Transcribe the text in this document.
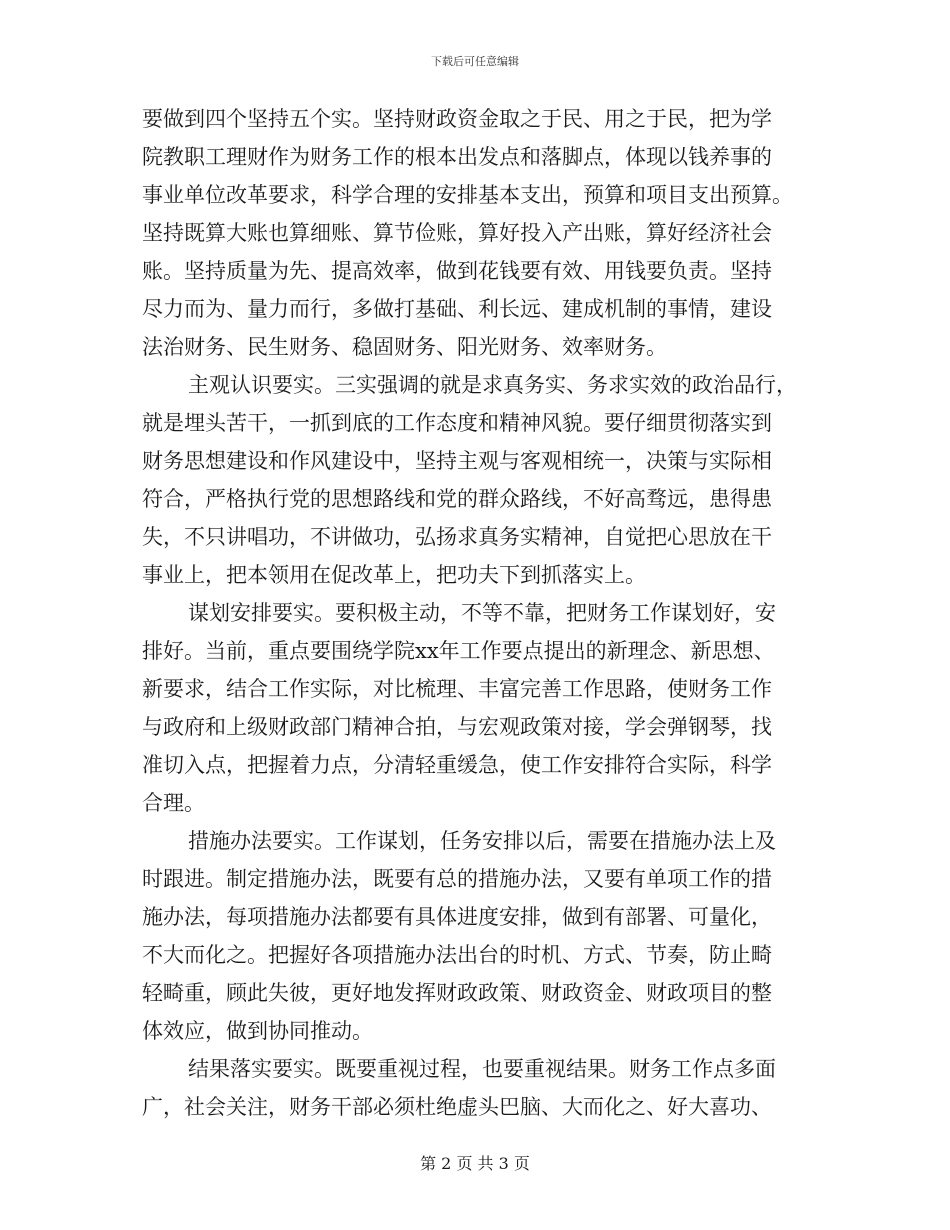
下载后可任意编辑
要做到四个坚持五个实。坚持财政资金取之于民、用之于民，把为学
院教职工理财作为财务工作的根本出发点和落脚点，体现以钱养事的
事业单位改革要求，科学合理的安排基本支出，预算和项目支出预算。
坚持既算大账也算细账、算节俭账，算好投入产出账，算好经济社会
账。坚持质量为先、提高效率，做到花钱要有效、用钱要负责。坚持
尽力而为、量力而行，多做打基础、利长远、建成机制的事情，建设
法治财务、民生财务、稳固财务、阳光财务、效率财务。
主观认识要实。三实强调的就是求真务实、务求实效的政治品行，
就是埋头苦干，一抓到底的工作态度和精神风貌。要仔细贯彻落实到
财务思想建设和作风建设中，坚持主观与客观相统一，决策与实际相
符合，严格执行党的思想路线和党的群众路线，不好高骛远，患得患
失，不只讲唱功，不讲做功，弘扬求真务实精神，自觉把心思放在干
事业上，把本领用在促改革上，把功夫下到抓落实上。
谋划安排要实。要积极主动，不等不靠，把财务工作谋划好，安
排好。当前，重点要围绕学院xx年工作要点提出的新理念、新思想、
新要求，结合工作实际，对比梳理、丰富完善工作思路，使财务工作
与政府和上级财政部门精神合拍，与宏观政策对接，学会弹钢琴，找
准切入点，把握着力点，分清轻重缓急，使工作安排符合实际，科学
合理。
措施办法要实。工作谋划，任务安排以后，需要在措施办法上及
时跟进。制定措施办法，既要有总的措施办法，又要有单项工作的措
施办法，每项措施办法都要有具体进度安排，做到有部署、可量化，
不大而化之。把握好各项措施办法出台的时机、方式、节奏，防止畸
轻畸重，顾此失彼，更好地发挥财政政策、财政资金、财政项目的整
体效应，做到协同推动。
结果落实要实。既要重视过程，也要重视结果。财务工作点多面
广，社会关注，财务干部必须杜绝虚头巴脑、大而化之、好大喜功、
第 2 页 共 3 页
